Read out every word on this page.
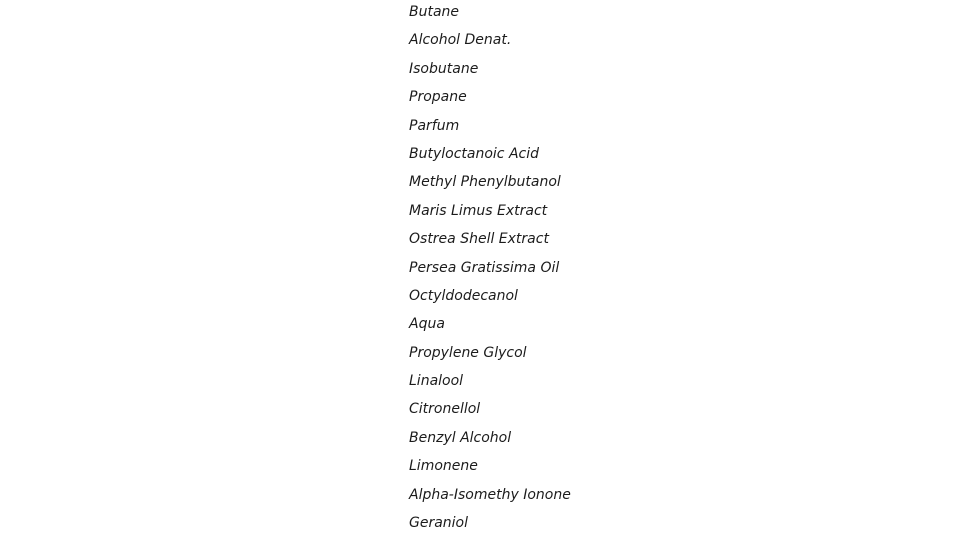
Butane
Alcohol Denat.
Isobutane
Propane
Parfum
Butyloctanoic Acid
Methyl Phenylbutanol
Maris Limus Extract
Ostrea Shell Extract
Persea Gratissima Oil
Octyldodecanol
Aqua
Propylene Glycol
Linalool
Citronellol
Benzyl Alcohol
Limonene
Alpha-Isomethy Ionone
Geraniol
